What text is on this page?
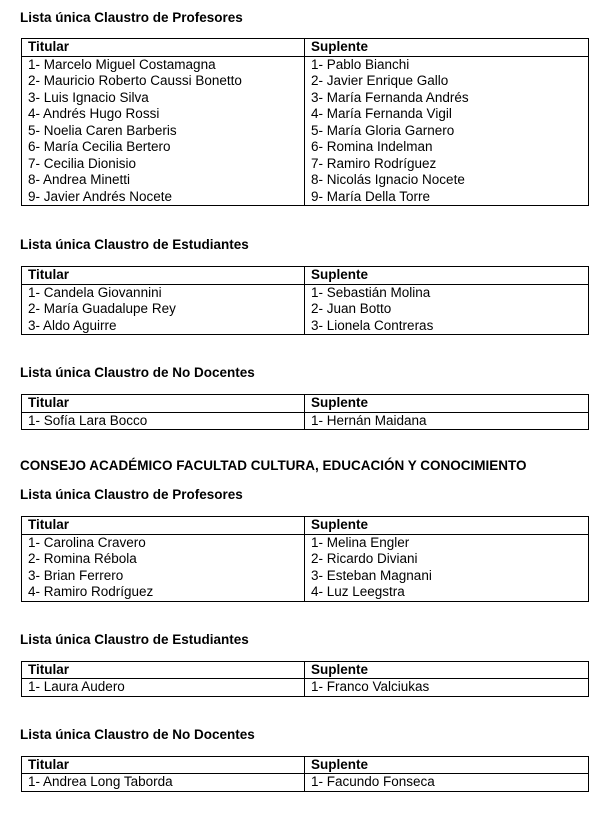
Lista única Claustro de Profesores

Titular	Suplente
1- Marcelo Miguel Costamagna	1- Pablo Bianchi
2- Mauricio Roberto Caussi Bonetto	2- Javier Enrique Gallo
3- Luis Ignacio Silva	3- María Fernanda Andrés
4- Andrés Hugo Rossi	4- María Fernanda Vigil
5- Noelia Caren Barberis	5- María Gloria Garnero
6- María Cecilia Bertero	6- Romina Indelman
7- Cecilia Dionisio	7- Ramiro Rodríguez
8- Andrea Minetti	8- Nicolás Ignacio Nocete
9- Javier Andrés Nocete	9- María Della Torre

Lista única Claustro de Estudiantes

Titular	Suplente
1- Candela Giovannini	1- Sebastián Molina
2- María Guadalupe Rey	2- Juan Botto
3- Aldo Aguirre	3- Lionela Contreras

Lista única Claustro de No Docentes

Titular	Suplente
1- Sofía Lara Bocco	1- Hernán Maidana

CONSEJO ACADÉMICO FACULTAD CULTURA, EDUCACIÓN Y CONOCIMIENTO

Lista única Claustro de Profesores

Titular	Suplente
1- Carolina Cravero	1- Melina Engler
2- Romina Rébola	2- Ricardo Diviani
3- Brian Ferrero	3- Esteban Magnani
4- Ramiro Rodríguez	4- Luz Leegstra

Lista única Claustro de Estudiantes

Titular	Suplente
1- Laura Audero	1- Franco Valciukas

Lista única Claustro de No Docentes

Titular	Suplente
1- Andrea Long Taborda	1- Facundo Fonseca
